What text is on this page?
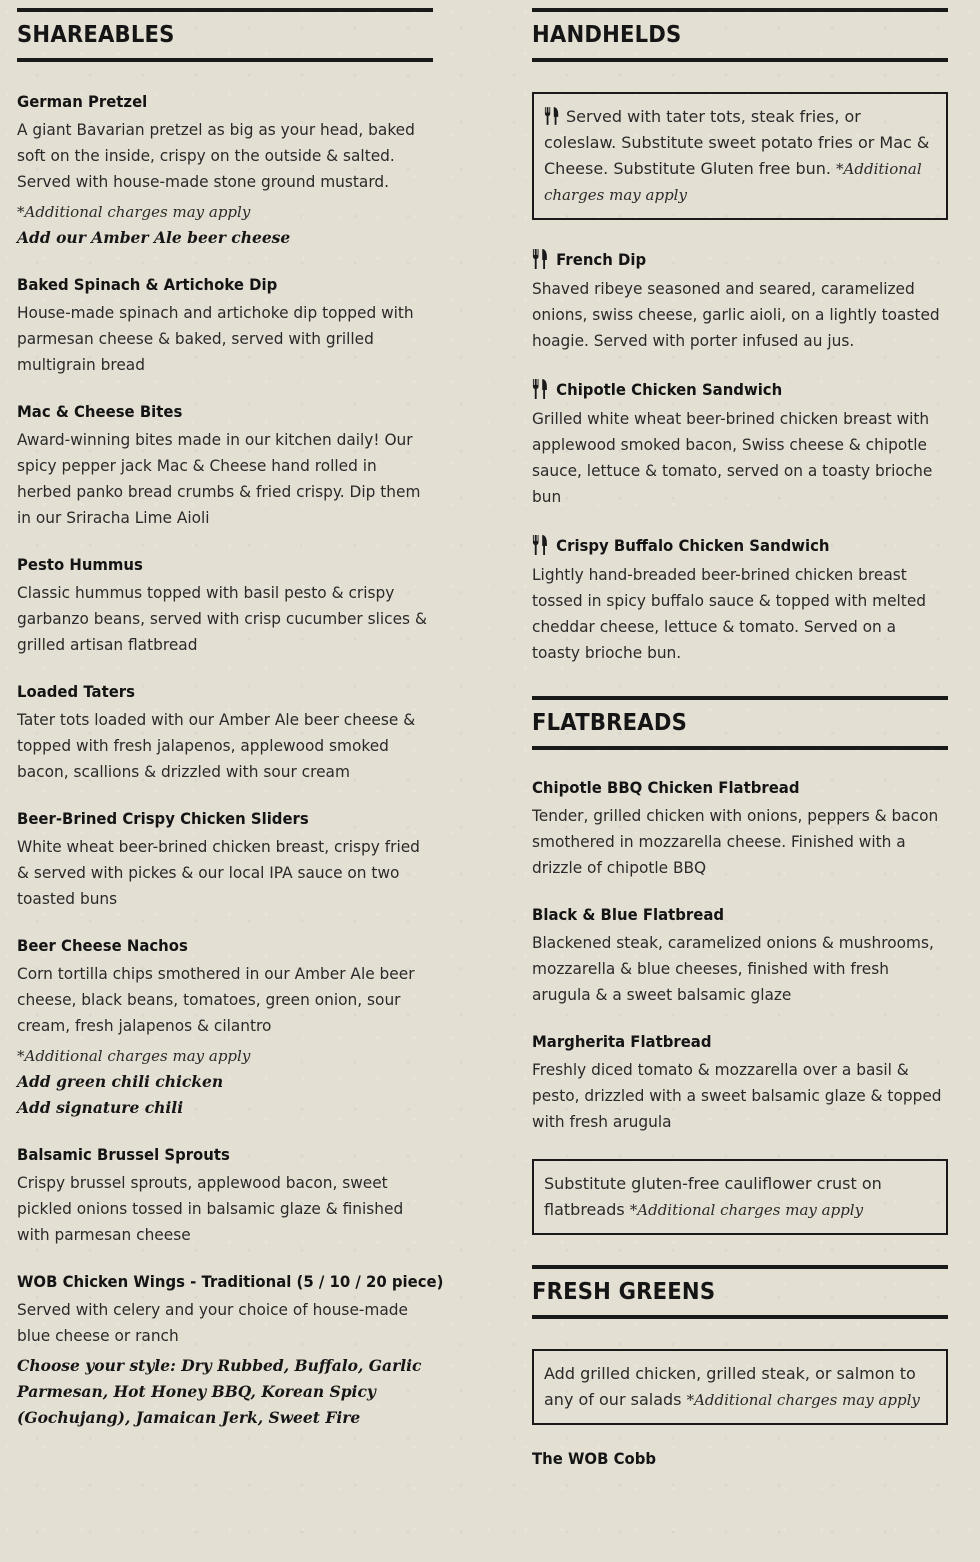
SHAREABLES
German Pretzel
A giant Bavarian pretzel as big as your head, baked soft on the inside, crispy on the outside & salted. Served with house-made stone ground mustard.
*Additional charges may apply
Add our Amber Ale beer cheese
Baked Spinach & Artichoke Dip
House-made spinach and artichoke dip topped with parmesan cheese & baked, served with grilled multigrain bread
Mac & Cheese Bites
Award-winning bites made in our kitchen daily! Our spicy pepper jack Mac & Cheese hand rolled in herbed panko bread crumbs & fried crispy. Dip them in our Sriracha Lime Aioli
Pesto Hummus
Classic hummus topped with basil pesto & crispy garbanzo beans, served with crisp cucumber slices & grilled artisan flatbread
Loaded Taters
Tater tots loaded with our Amber Ale beer cheese & topped with fresh jalapenos, applewood smoked bacon, scallions & drizzled with sour cream
Beer-Brined Crispy Chicken Sliders
White wheat beer-brined chicken breast, crispy fried & served with pickes & our local IPA sauce on two toasted buns
Beer Cheese Nachos
Corn tortilla chips smothered in our Amber Ale beer cheese, black beans, tomatoes, green onion, sour cream, fresh jalapenos & cilantro
*Additional charges may apply
Add green chili chicken
Add signature chili
Balsamic Brussel Sprouts
Crispy brussel sprouts, applewood bacon, sweet pickled onions tossed in balsamic glaze & finished with parmesan cheese
WOB Chicken Wings - Traditional (5 / 10 / 20 piece)
Served with celery and your choice of house-made blue cheese or ranch
Choose your style: Dry Rubbed, Buffalo, Garlic Parmesan, Hot Honey BBQ, Korean Spicy (Gochujang), Jamaican Jerk, Sweet Fire
HANDHELDS
Served with tater tots, steak fries, or coleslaw. Substitute sweet potato fries or Mac & Cheese. Substitute Gluten free bun. *Additional charges may apply
French Dip
Shaved ribeye seasoned and seared, caramelized onions, swiss cheese, garlic aioli, on a lightly toasted hoagie. Served with porter infused au jus.
Chipotle Chicken Sandwich
Grilled white wheat beer-brined chicken breast with applewood smoked bacon, Swiss cheese & chipotle sauce, lettuce & tomato, served on a toasty brioche bun
Crispy Buffalo Chicken Sandwich
Lightly hand-breaded beer-brined chicken breast tossed in spicy buffalo sauce & topped with melted cheddar cheese, lettuce & tomato. Served on a toasty brioche bun.
FLATBREADS
Chipotle BBQ Chicken Flatbread
Tender, grilled chicken with onions, peppers & bacon smothered in mozzarella cheese. Finished with a drizzle of chipotle BBQ
Black & Blue Flatbread
Blackened steak, caramelized onions & mushrooms, mozzarella & blue cheeses, finished with fresh arugula & a sweet balsamic glaze
Margherita Flatbread
Freshly diced tomato & mozzarella over a basil & pesto, drizzled with a sweet balsamic glaze & topped with fresh arugula
Substitute gluten-free cauliflower crust on flatbreads *Additional charges may apply
FRESH GREENS
Add grilled chicken, grilled steak, or salmon to any of our salads *Additional charges may apply
The WOB Cobb
